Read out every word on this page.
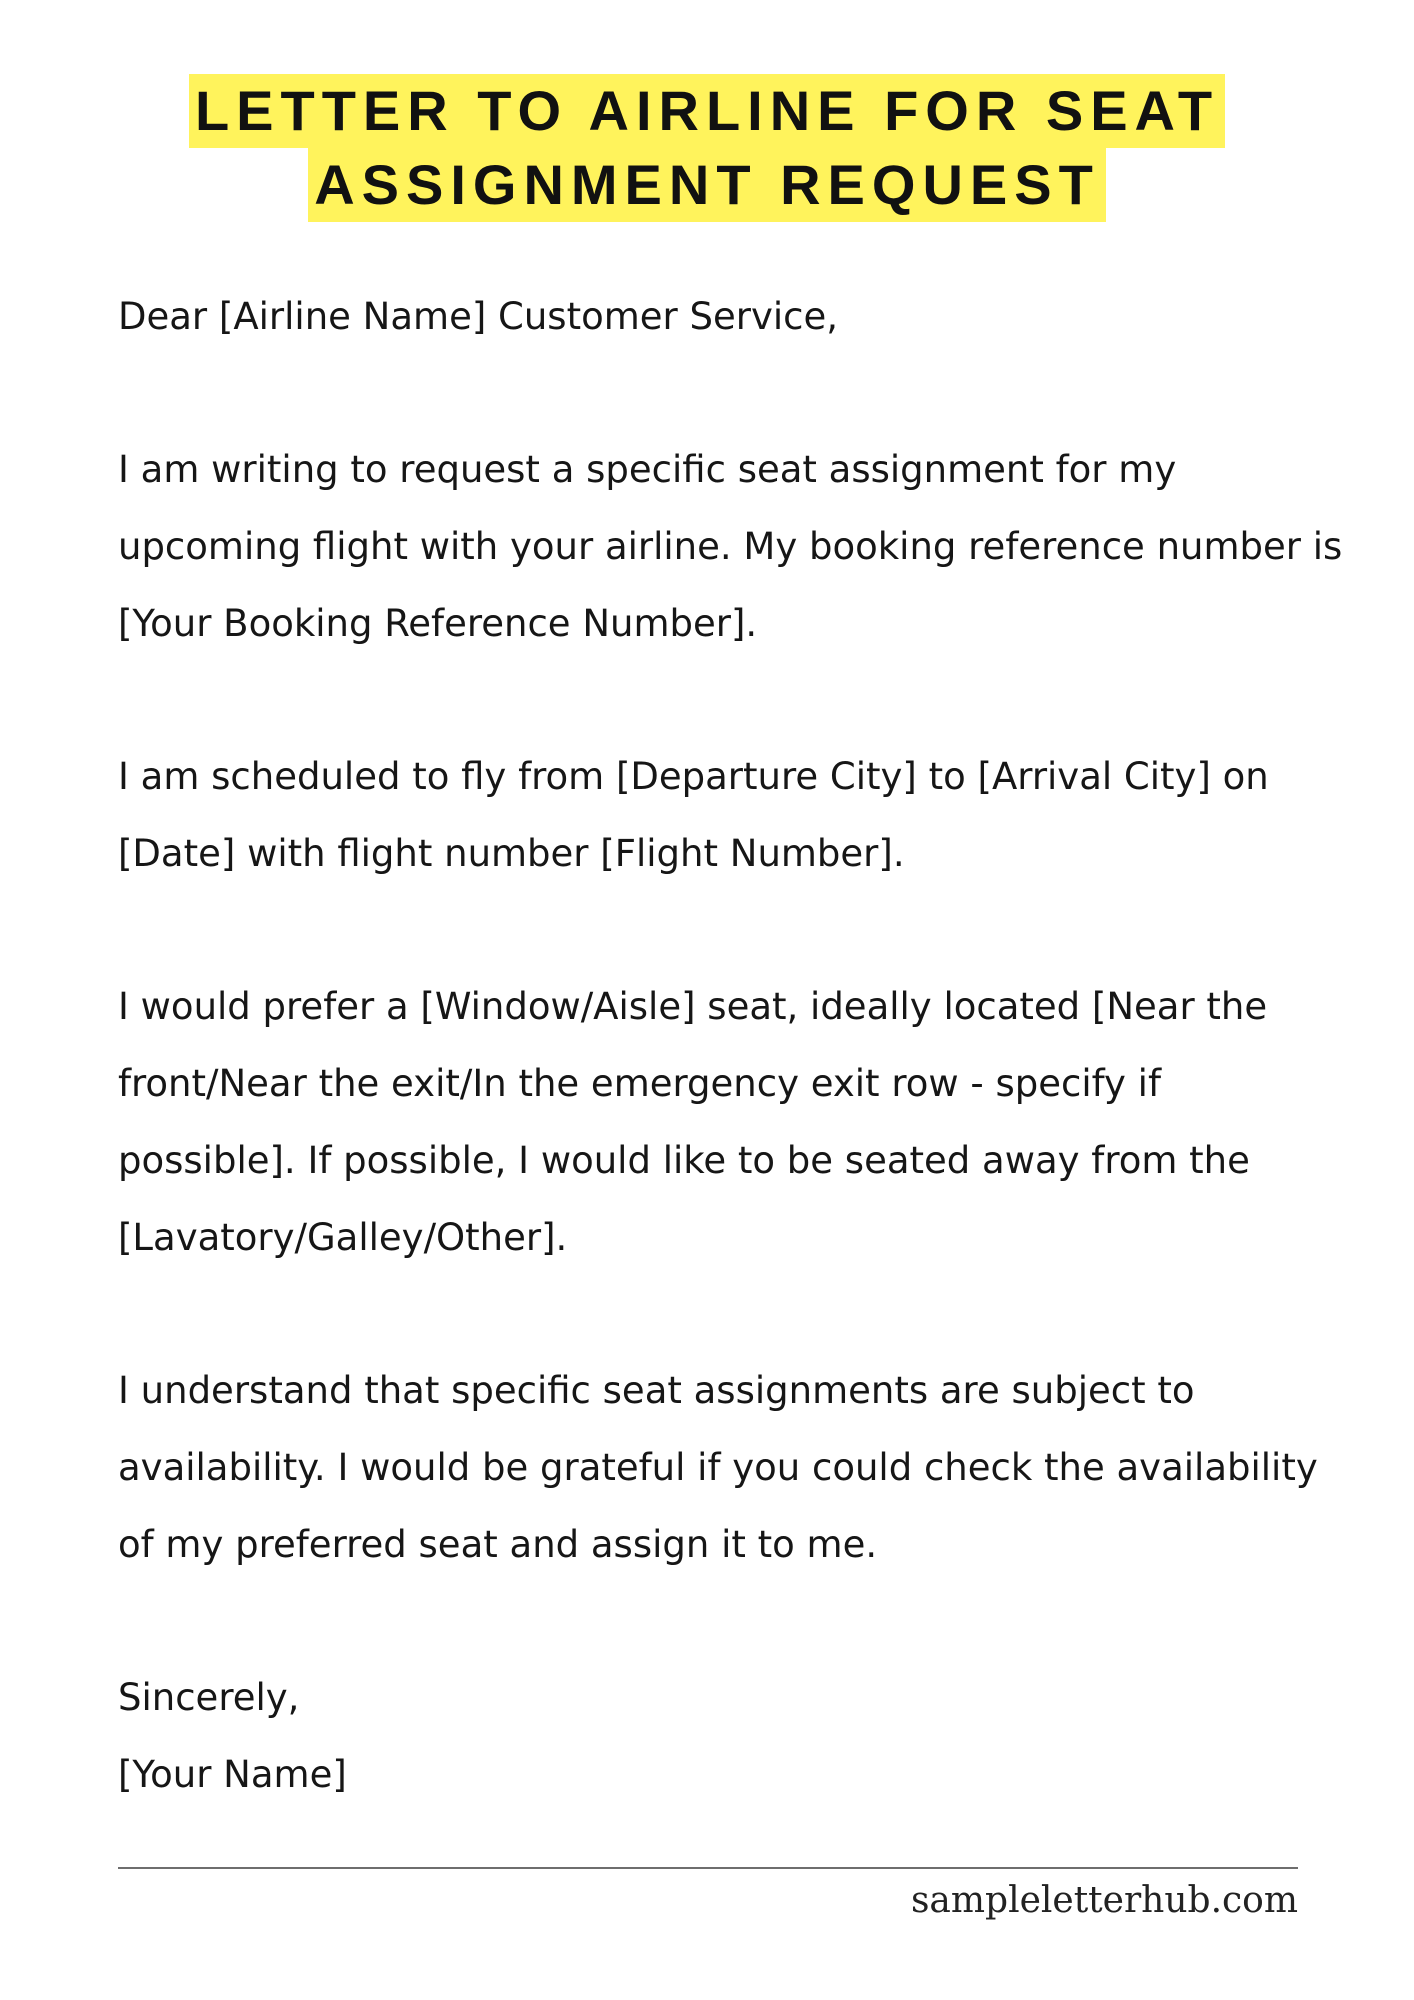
LETTER TO AIRLINE FOR SEAT
ASSIGNMENT REQUEST

Dear [Airline Name] Customer Service,

I am writing to request a specific seat assignment for my upcoming flight with your airline. My booking reference number is [Your Booking Reference Number].

I am scheduled to fly from [Departure City] to [Arrival City] on [Date] with flight number [Flight Number].

I would prefer a [Window/Aisle] seat, ideally located [Near the front/Near the exit/In the emergency exit row - specify if possible]. If possible, I would like to be seated away from the [Lavatory/Galley/Other].

I understand that specific seat assignments are subject to availability. I would be grateful if you could check the availability of my preferred seat and assign it to me.

Sincerely,

[Your Name]

sampleletterhub.com
